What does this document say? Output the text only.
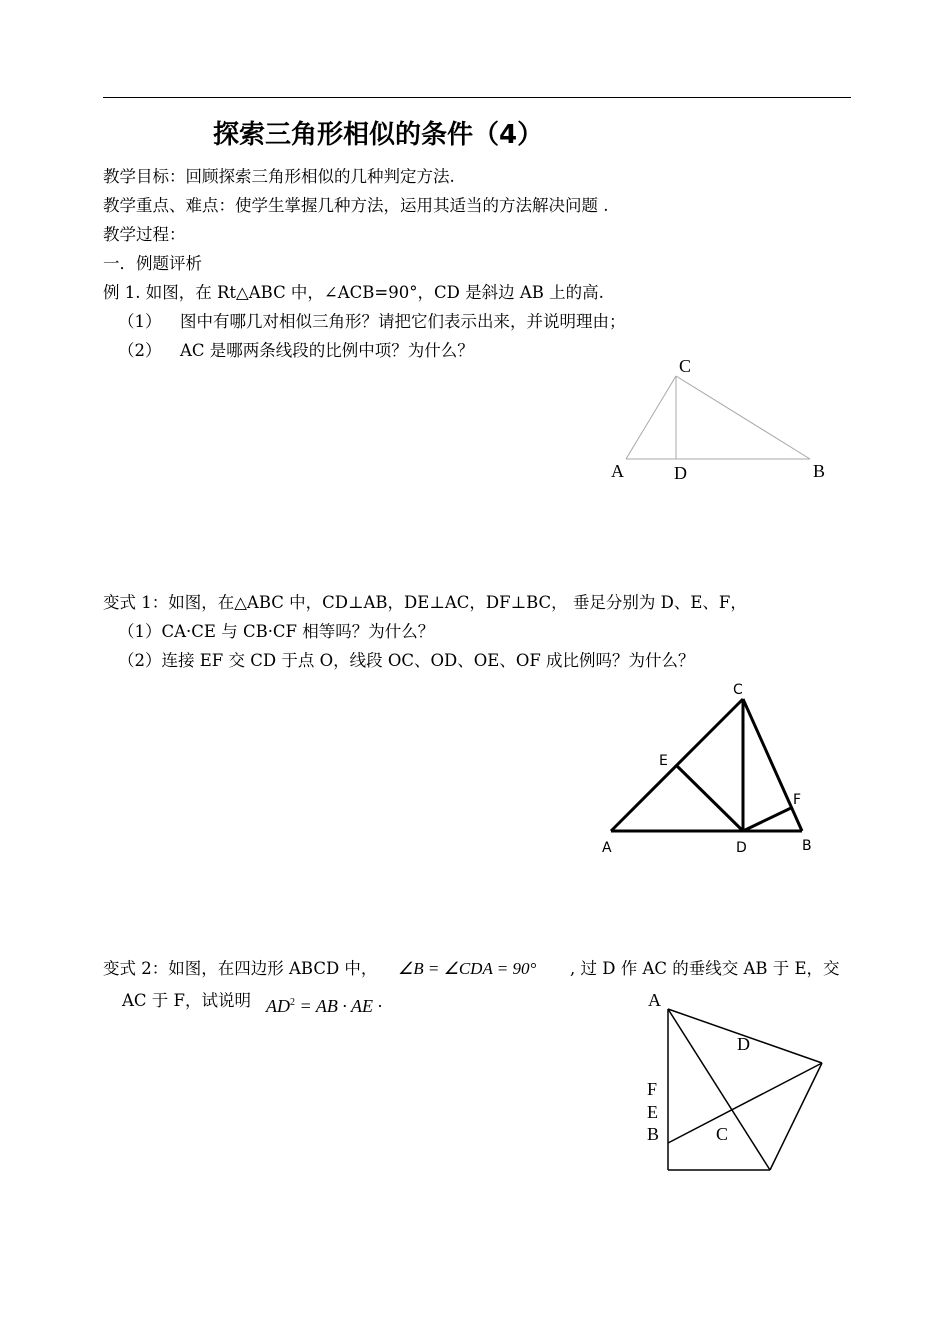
探索三角形相似的条件（4）
教学目标：回顾探索三角形相似的几种判定方法.
教学重点、难点：使学生掌握几种方法，运用其适当的方法解决问题 .
教学过程：
一．例题评析
例 1. 如图，在 Rt△ABC 中，∠ACB=90°，CD 是斜边 AB 上的高.
（1） 图中有哪几对相似三角形？请把它们表示出来，并说明理由；
（2） AC 是哪两条线段的比例中项？为什么？
C
A	D	B
变式 1：如图，在△ABC 中，CD⊥AB，DE⊥AC，DF⊥BC， 垂足分别为 D、E、F，
（1）CA·CE 与 CB·CF 相等吗？为什么？
（2）连接 EF 交 CD 于点 O，线段 OC、OD、OE、OF 成比例吗？为什么？
C
E
F
A	D	B
变式 2：如图，在四边形 ABCD 中， ∠B = ∠CDA = 90° , 过 D 作 AC 的垂线交 AB 于 E，交
AC 于 F，试说明 $AD^2$ = AB · AE ·	A
D
F
E
B	C
